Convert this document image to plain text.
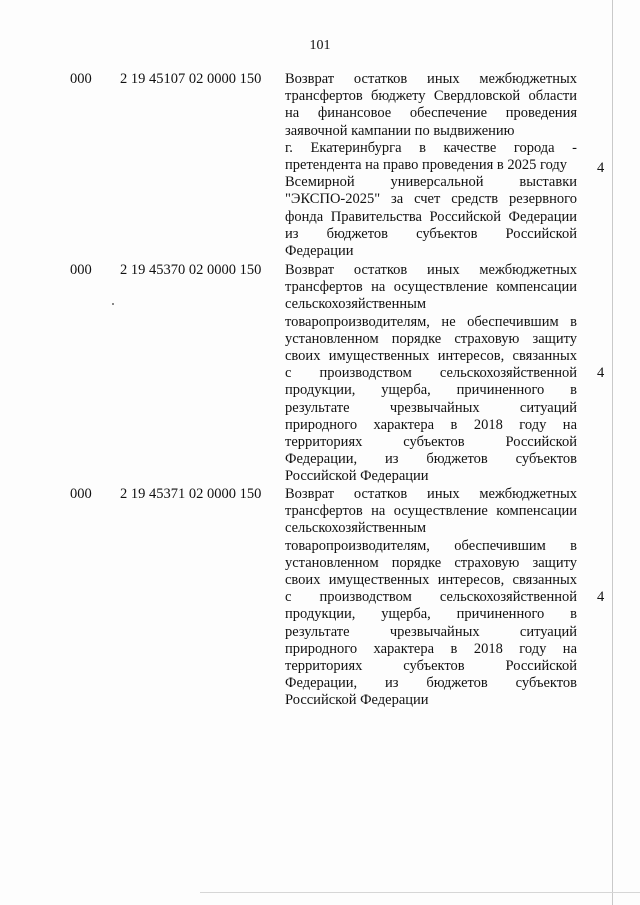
101
000 2 19 45107 02 0000 150 Возврат остатков иных межбюджетных
трансфертов бюджету Свердловской области
на финансовое обеспечение проведения
заявочной кампании по выдвижению
г. Екатеринбурга в качестве города -
претендента на право проведения в 2025 году
Всемирной универсальной выставки
"ЭКСПО-2025" за счет средств резервного
фонда Правительства Российской Федерации
из бюджетов субъектов Российской
Федерации
4
000 2 19 45370 02 0000 150 Возврат остатков иных межбюджетных
трансфертов на осуществление компенсации
сельскохозяйственным
товаропроизводителям, не обеспечившим в
установленном порядке страховую защиту
своих имущественных интересов, связанных
с производством сельскохозяйственной
продукции, ущерба, причиненного в
результате чрезвычайных ситуаций
природного характера в 2018 году на
территориях субъектов Российской
Федерации, из бюджетов субъектов
Российской Федерации
4
000 2 19 45371 02 0000 150 Возврат остатков иных межбюджетных
трансфертов на осуществление компенсации
сельскохозяйственным
товаропроизводителям, обеспечившим в
установленном порядке страховую защиту
своих имущественных интересов, связанных
с производством сельскохозяйственной
продукции, ущерба, причиненного в
результате чрезвычайных ситуаций
природного характера в 2018 году на
территориях субъектов Российской
Федерации, из бюджетов субъектов
Российской Федерации
4
